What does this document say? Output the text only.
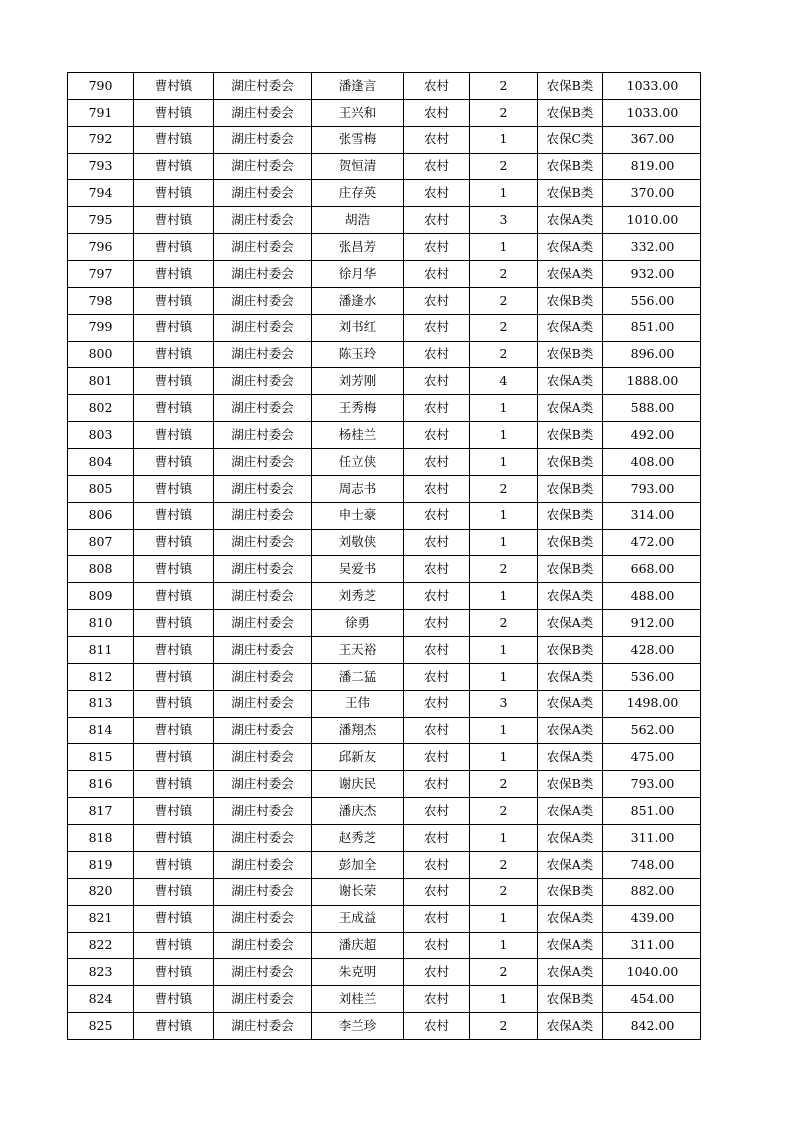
790	曹村镇	湖庄村委会	潘逢言	农村	2	农保B类	1033.00
791	曹村镇	湖庄村委会	王兴和	农村	2	农保B类	1033.00
792	曹村镇	湖庄村委会	张雪梅	农村	1	农保C类	367.00
793	曹村镇	湖庄村委会	贺恒清	农村	2	农保B类	819.00
794	曹村镇	湖庄村委会	庄存英	农村	1	农保B类	370.00
795	曹村镇	湖庄村委会	胡浩	农村	3	农保A类	1010.00
796	曹村镇	湖庄村委会	张昌芳	农村	1	农保A类	332.00
797	曹村镇	湖庄村委会	徐月华	农村	2	农保A类	932.00
798	曹村镇	湖庄村委会	潘逢水	农村	2	农保B类	556.00
799	曹村镇	湖庄村委会	刘书红	农村	2	农保A类	851.00
800	曹村镇	湖庄村委会	陈玉玲	农村	2	农保B类	896.00
801	曹村镇	湖庄村委会	刘芳刚	农村	4	农保A类	1888.00
802	曹村镇	湖庄村委会	王秀梅	农村	1	农保A类	588.00
803	曹村镇	湖庄村委会	杨桂兰	农村	1	农保B类	492.00
804	曹村镇	湖庄村委会	任立侠	农村	1	农保B类	408.00
805	曹村镇	湖庄村委会	周志书	农村	2	农保B类	793.00
806	曹村镇	湖庄村委会	申士豪	农村	1	农保B类	314.00
807	曹村镇	湖庄村委会	刘敬侠	农村	1	农保B类	472.00
808	曹村镇	湖庄村委会	吴爱书	农村	2	农保B类	668.00
809	曹村镇	湖庄村委会	刘秀芝	农村	1	农保A类	488.00
810	曹村镇	湖庄村委会	徐勇	农村	2	农保A类	912.00
811	曹村镇	湖庄村委会	王天裕	农村	1	农保B类	428.00
812	曹村镇	湖庄村委会	潘二猛	农村	1	农保A类	536.00
813	曹村镇	湖庄村委会	王伟	农村	3	农保A类	1498.00
814	曹村镇	湖庄村委会	潘翔杰	农村	1	农保A类	562.00
815	曹村镇	湖庄村委会	邱新友	农村	1	农保A类	475.00
816	曹村镇	湖庄村委会	谢庆民	农村	2	农保B类	793.00
817	曹村镇	湖庄村委会	潘庆杰	农村	2	农保A类	851.00
818	曹村镇	湖庄村委会	赵秀芝	农村	1	农保A类	311.00
819	曹村镇	湖庄村委会	彭加全	农村	2	农保A类	748.00
820	曹村镇	湖庄村委会	谢长荣	农村	2	农保B类	882.00
821	曹村镇	湖庄村委会	王成益	农村	1	农保A类	439.00
822	曹村镇	湖庄村委会	潘庆超	农村	1	农保A类	311.00
823	曹村镇	湖庄村委会	朱克明	农村	2	农保A类	1040.00
824	曹村镇	湖庄村委会	刘桂兰	农村	1	农保B类	454.00
825	曹村镇	湖庄村委会	李兰珍	农村	2	农保A类	842.00
